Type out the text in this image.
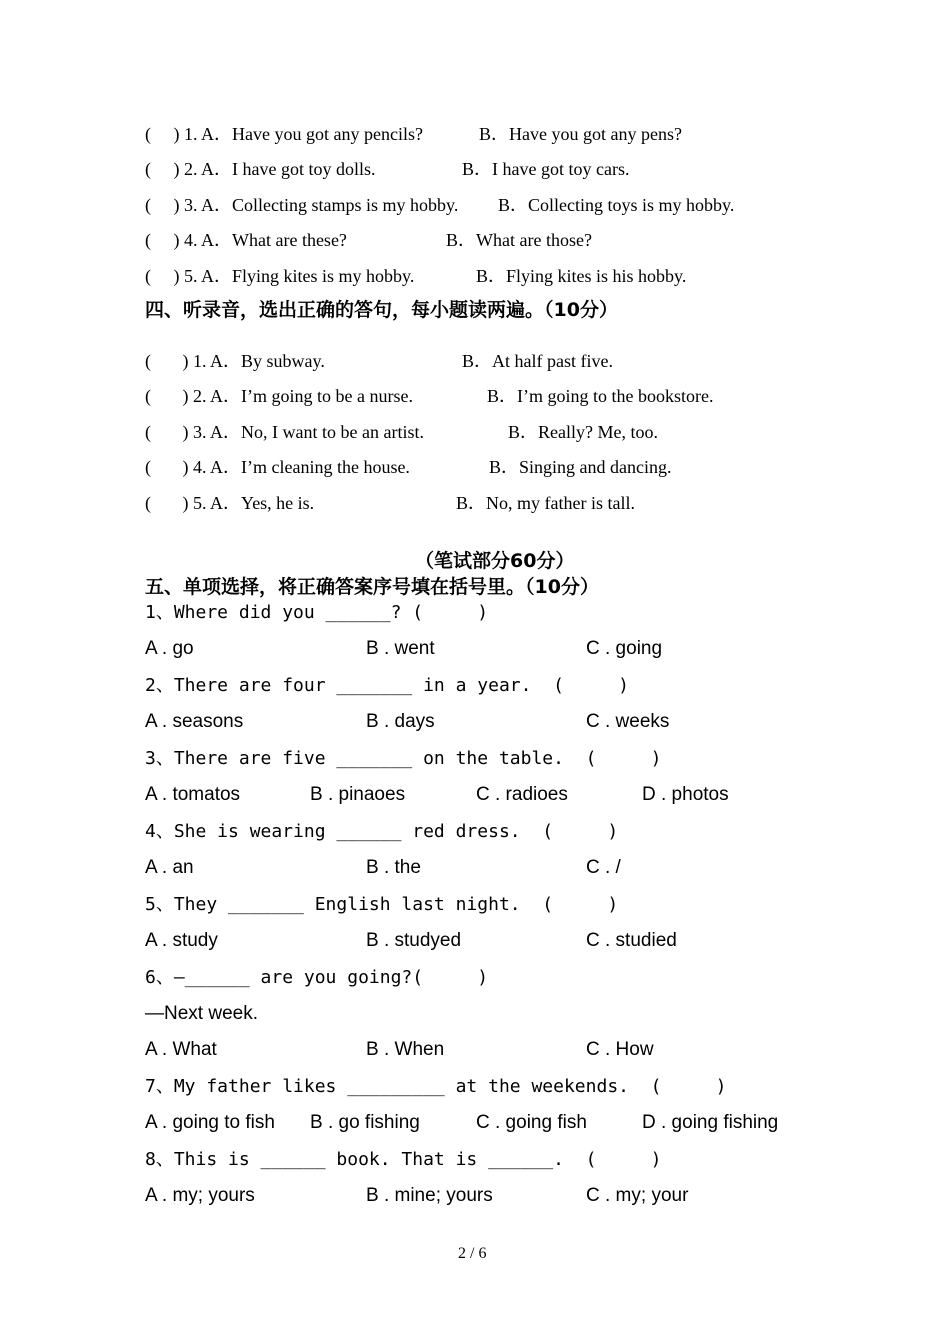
(     ) 1. A．Have you got any pencils?	B．Have you got any pens?
(     ) 2. A．I have got toy dolls.	B．I have got toy cars.
(     ) 3. A．Collecting stamps is my hobby. B．Collecting toys is my hobby.
(     ) 4. A．What are these?	B．What are those?
(     ) 5. A．Flying kites is my hobby.	B．Flying kites is his hobby.
四、听录音，选出正确的答句，每小题读两遍。（10分）
(       ) 1. A．By subway.	B．At half past five.
(       ) 2. A．I’m going to be a nurse.	B．I’m going to the bookstore.
(       ) 3. A．No, I want to be an artist.	B．Really? Me, too.
(       ) 4. A．I’m cleaning the house.	B．Singing and dancing.
(       ) 5. A．Yes, he is.	B．No, my father is tall.
（笔试部分60分）
五、单项选择，将正确答案序号填在括号里。（10分）
1、Where did you ______? (     )
A . go	B . went	C . going
2、There are four _______ in a year.  (     )
A . seasons	B . days	C . weeks
3、There are five _______ on the table.  (     )
A . tomatos	B . pinaoes	C . radioes	D . photos
4、She is wearing ______ red dress.  (     )
A . an	B . the	C . /
5、They _______ English last night.  (     )
A . study	B . studyed	C . studied
6、—______ are you going?(     )
—Next week.
A . What	B . When	C . How
7、My father likes _________ at the weekends.  (     )
A . going to fish B . go fishing	C . going fish	D . going fishing
8、This is ______ book. That is ______.  (     )
A . my; yours	B . mine; yours	C . my; your
2 / 6
